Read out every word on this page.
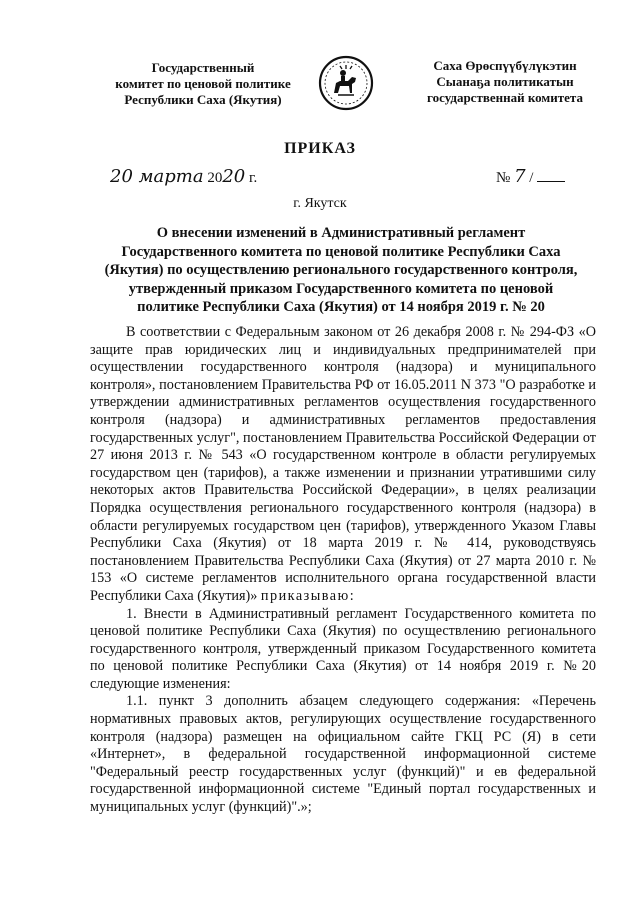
Государственный
комитет по ценовой политике
Республики Саха (Якутия)
Саха Өрөспүүбүлүкэтин
Сыанаҕа политикатын
государственнай комитета
ПРИКАЗ
20 марта 2020 г.	№ 7 /
г. Якутск
О внесении изменений в Административный регламент
Государственного комитета по ценовой политике Республики Саха
(Якутия) по осуществлению регионального государственного контроля,
утвержденный приказом Государственного комитета по ценовой
политике Республики Саха (Якутия) от 14 ноября 2019 г. № 20

В соответствии с Федеральным законом от 26 декабря 2008 г. № 294-ФЗ «О защите прав юридических лиц и индивидуальных предпринимателей при осуществлении государственного контроля (надзора) и муниципального контроля», постановлением Правительства РФ от 16.05.2011 N 373 "О разработке и утверждении административных регламентов осуществления государственного контроля (надзора) и административных регламентов предоставления государственных услуг", постановлением Правительства Российской Федерации от 27 июня 2013 г. № 543 «О государственном контроле в области регулируемых государством цен (тарифов), а также изменении и признании утратившими силу некоторых актов Правительства Российской Федерации», в целях реализации Порядка осуществления регионального государственного контроля (надзора) в области регулируемых государством цен (тарифов), утвержденного Указом Главы Республики Саха (Якутия) от 18 марта 2019 г. № 414, руководствуясь постановлением Правительства Республики Саха (Якутия) от 27 марта 2010 г. № 153 «О системе регламентов исполнительного органа государственной власти Республики Саха (Якутия)» приказываю:

1. Внести в Административный регламент Государственного комитета по ценовой политике Республики Саха (Якутия) по осуществлению регионального государственного контроля, утвержденный приказом Государственного комитета по ценовой политике Республики Саха (Якутия) от 14 ноября 2019 г. №20 следующие изменения:

1.1. пункт 3 дополнить абзацем следующего содержания: «Перечень нормативных правовых актов, регулирующих осуществление государственного контроля (надзора) размещен на официальном сайте ГКЦ РС (Я) в сети «Интернет», в федеральной государственной информационной системе "Федеральный реестр государственных услуг (функций)" и ев федеральной государственной информационной системе "Единый портал государственных и муниципальных услуг (функций)".»;
